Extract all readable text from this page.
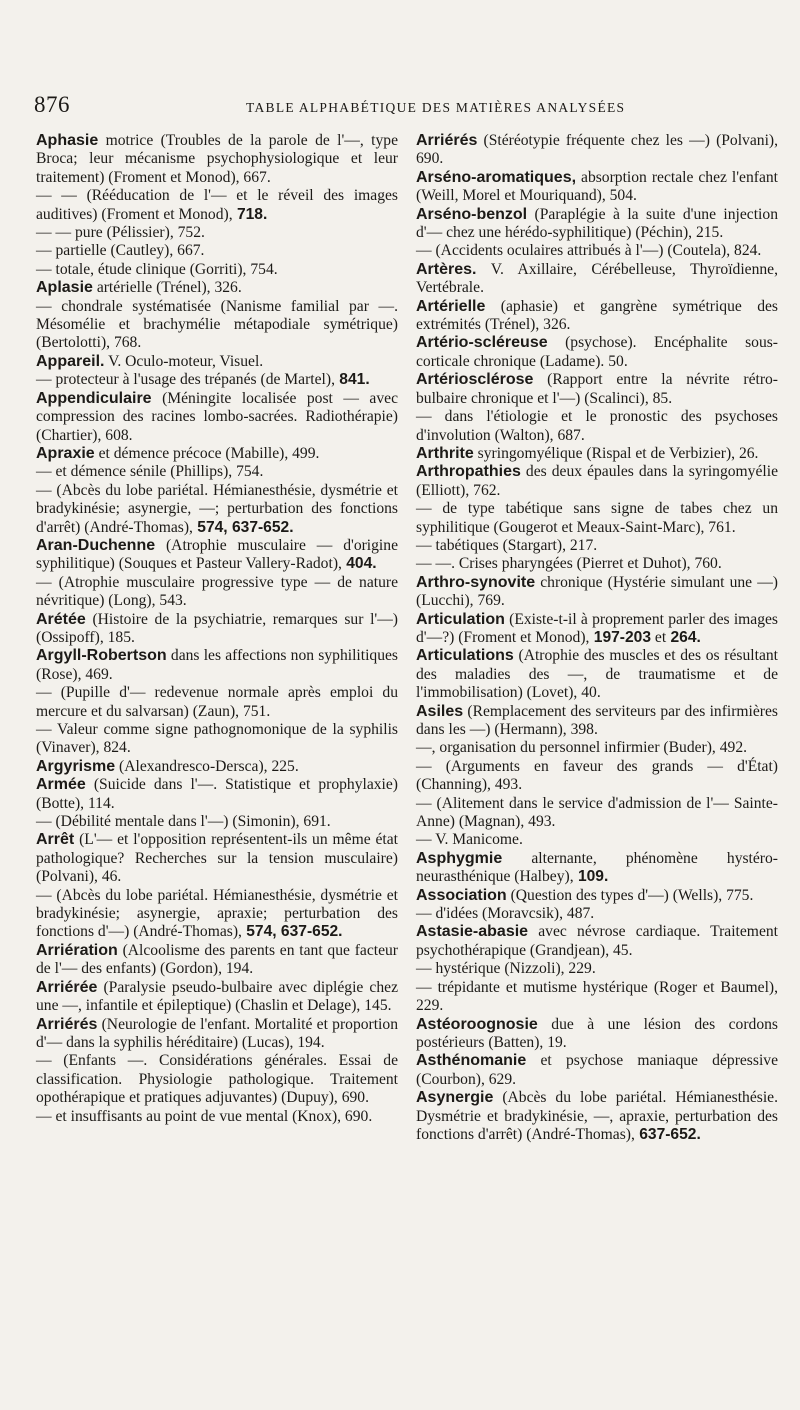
876	TABLE ALPHABÉTIQUE DES MATIÈRES ANALYSÉES

Aphasie motrice (Troubles de la parole de l'—, type Broca; leur mécanisme psychophysiologique et leur traitement) (Froment et Monod), 667.

— — (Rééducation de l'— et le réveil des images auditives) (Froment et Monod), 718.

— — pure (Pélissier), 752.

— partielle (Cautley), 667.

— totale, étude clinique (Gorriti), 754.

Aplasie artérielle (Trénel), 326.

— chondrale systématisée (Nanisme familial par —. Mésomélie et brachymélie métapodiale symétrique) (Bertolotti), 768.

Appareil. V. Oculo-moteur, Visuel.

— protecteur à l'usage des trépanés (de Martel), 841.

Appendiculaire (Méningite localisée post — avec compression des racines lombo-sacrées. Radiothérapie) (Chartier), 608.

Apraxie et démence précoce (Mabille), 499.

— et démence sénile (Phillips), 754.

— (Abcès du lobe pariétal. Hémianesthésie, dysmétrie et bradykinésie; asynergie, —; perturbation des fonctions d'arrêt) (André-Thomas), 574, 637-652.

Aran-Duchenne (Atrophie musculaire — d'origine syphilitique) (Souques et Pasteur Vallery-Radot), 404.

— (Atrophie musculaire progressive type — de nature névritique) (Long), 543.

Arétée (Histoire de la psychiatrie, remarques sur l'—) (Ossipoff), 185.

Argyll-Robertson dans les affections non syphilitiques (Rose), 469.

— (Pupille d'— redevenue normale après emploi du mercure et du salvarsan) (Zaun), 751.

— Valeur comme signe pathognomonique de la syphilis (Vinaver), 824.

Argyrisme (Alexandresco-Dersca), 225.

Armée (Suicide dans l'—. Statistique et prophylaxie) (Botte), 114.

— (Débilité mentale dans l'—) (Simonin), 691.

Arrêt (L'— et l'opposition représentent-ils un même état pathologique? Recherches sur la tension musculaire) (Polvani), 46.

— (Abcès du lobe pariétal. Hémianesthésie, dysmétrie et bradykinésie; asynergie, apraxie; perturbation des fonctions d'—) (André-Thomas), 574, 637-652.

Arriération (Alcoolisme des parents en tant que facteur de l'— des enfants) (Gordon), 194.

Arriérée (Paralysie pseudo-bulbaire avec diplégie chez une —, infantile et épileptique) (Chaslin et Delage), 145.

Arriérés (Neurologie de l'enfant. Mortalité et proportion d'— dans la syphilis héréditaire) (Lucas), 194.

— (Enfants —. Considérations générales. Essai de classification. Physiologie pathologique. Traitement opothérapique et pratiques adjuvantes) (Dupuy), 690.

— et insuffisants au point de vue mental (Knox), 690.

Arriérés (Stéréotypie fréquente chez les —) (Polvani), 690.

Arséno-aromatiques, absorption rectale chez l'enfant (Weill, Morel et Mouriquand), 504.

Arséno-benzol (Paraplégie à la suite d'une injection d'— chez une hérédo-syphilitique) (Péchin), 215.

— (Accidents oculaires attribués à l'—) (Coutela), 824.

Artères. V. Axillaire, Cérébelleuse, Thyroïdienne, Vertébrale.

Artérielle (aphasie) et gangrène symétrique des extrémités (Trénel), 326.

Artério-scléreuse (psychose). Encéphalite sous-corticale chronique (Ladame). 50.

Artériosclérose (Rapport entre la névrite rétro-bulbaire chronique et l'—) (Scalinci), 85.

— dans l'étiologie et le pronostic des psychoses d'involution (Walton), 687.

Arthrite syringomyélique (Rispal et de Verbizier), 26.

Arthropathies des deux épaules dans la syringomyélie (Elliott), 762.

— de type tabétique sans signe de tabes chez un syphilitique (Gougerot et Meaux-Saint-Marc), 761.

— tabétiques (Stargart), 217.

— —. Crises pharyngées (Pierret et Duhot), 760.

Arthro-synovite chronique (Hystérie simulant une —) (Lucchi), 769.

Articulation (Existe-t-il à proprement parler des images d'—?) (Froment et Monod), 197-203 et 264.

Articulations (Atrophie des muscles et des os résultant des maladies des —, de traumatisme et de l'immobilisation) (Lovet), 40.

Asiles (Remplacement des serviteurs par des infirmières dans les —) (Hermann), 398.

—, organisation du personnel infirmier (Buder), 492.

— (Arguments en faveur des grands — d'État) (Channing), 493.

— (Alitement dans le service d'admission de l'— Sainte-Anne) (Magnan), 493.

— V. Manicome.

Asphygmie alternante, phénomène hystéro-neurasthénique (Halbey), 109.

Association (Question des types d'—) (Wells), 775.

— d'idées (Moravcsik), 487.

Astasie-abasie avec névrose cardiaque. Traitement psychothérapique (Grandjean), 45.

— hystérique (Nizzoli), 229.

— trépidante et mutisme hystérique (Roger et Baumel), 229.

Astéoroognosie due à une lésion des cordons postérieurs (Batten), 19.

Asthénomanie et psychose maniaque dépressive (Courbon), 629.

Asynergie (Abcès du lobe pariétal. Hémianesthésie. Dysmétrie et bradykinésie, —, apraxie, perturbation des fonctions d'arrêt) (André-Thomas), 637-652.
